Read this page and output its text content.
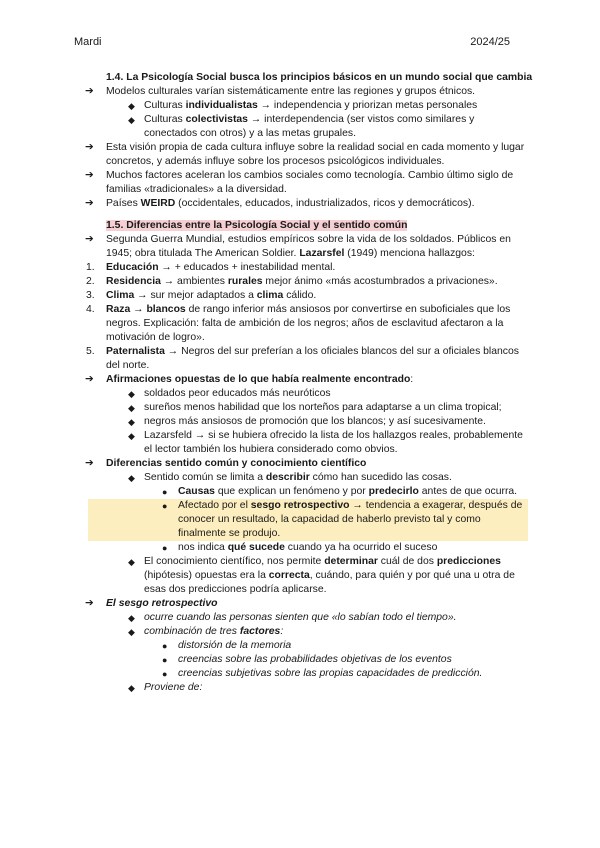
Mardi	2024/25
1.4. La Psicología Social busca los principios básicos en un mundo social que cambia
➔ Modelos culturales varían sistemáticamente entre las regiones y grupos étnicos.
◆ Culturas individualistas → independencia y priorizan metas personales
◆ Culturas colectivistas → interdependencia (ser vistos como similares y conectados con otros) y a las metas grupales.
➔ Esta visión propia de cada cultura influye sobre la realidad social en cada momento y lugar concretos, y además influye sobre los procesos psicológicos individuales.
➔ Muchos factores aceleran los cambios sociales como tecnología. Cambio último siglo de familias «tradicionales» a la diversidad.
➔ Países WEIRD (occidentales, educados, industrializados, ricos y democráticos).
1.5. Diferencias entre la Psicología Social y el sentido común
➔ Segunda Guerra Mundial, estudios empíricos sobre la vida de los soldados. Públicos en 1945; obra titulada The American Soldier. Lazarsfel (1949) menciona hallazgos:
1. Educación → + educados + inestabilidad mental.
2. Residencia → ambientes rurales mejor ánimo «más acostumbrados a privaciones».
3. Clima → sur mejor adaptados a clima cálido.
4. Raza → blancos de rango inferior más ansiosos por convertirse en suboficiales que los negros. Explicación: falta de ambición de los negros; años de esclavitud afectaron a la motivación de logro».
5. Paternalista → Negros del sur preferían a los oficiales blancos del sur a oficiales blancos del norte.
➔ Afirmaciones opuestas de lo que había realmente encontrado:
◆ soldados peor educados más neuróticos
◆ sureños menos habilidad que los norteños para adaptarse a un clima tropical;
◆ negros más ansiosos de promoción que los blancos; y así sucesivamente.
◆ Lazarsfeld → si se hubiera ofrecido la lista de los hallazgos reales, probablemente el lector también los hubiera considerado como obvios.
➔ Diferencias sentido común y conocimiento científico
◆ Sentido común se limita a describir cómo han sucedido las cosas.
● Causas que explican un fenómeno y por predecirlo antes de que ocurra.
● Afectado por el sesgo retrospectivo → tendencia a exagerar, después de conocer un resultado, la capacidad de haberlo previsto tal y como finalmente se produjo.
● nos indica qué sucede cuando ya ha ocurrido el suceso
◆ El conocimiento científico, nos permite determinar cuál de dos predicciones (hipótesis) opuestas era la correcta, cuándo, para quién y por qué una u otra de esas dos predicciones podría aplicarse.
➔ El sesgo retrospectivo
◆ ocurre cuando las personas sienten que «lo sabían todo el tiempo».
◆ combinación de tres factores:
● distorsión de la memoria
● creencias sobre las probabilidades objetivas de los eventos
● creencias subjetivas sobre las propias capacidades de predicción.
◆ Proviene de:
